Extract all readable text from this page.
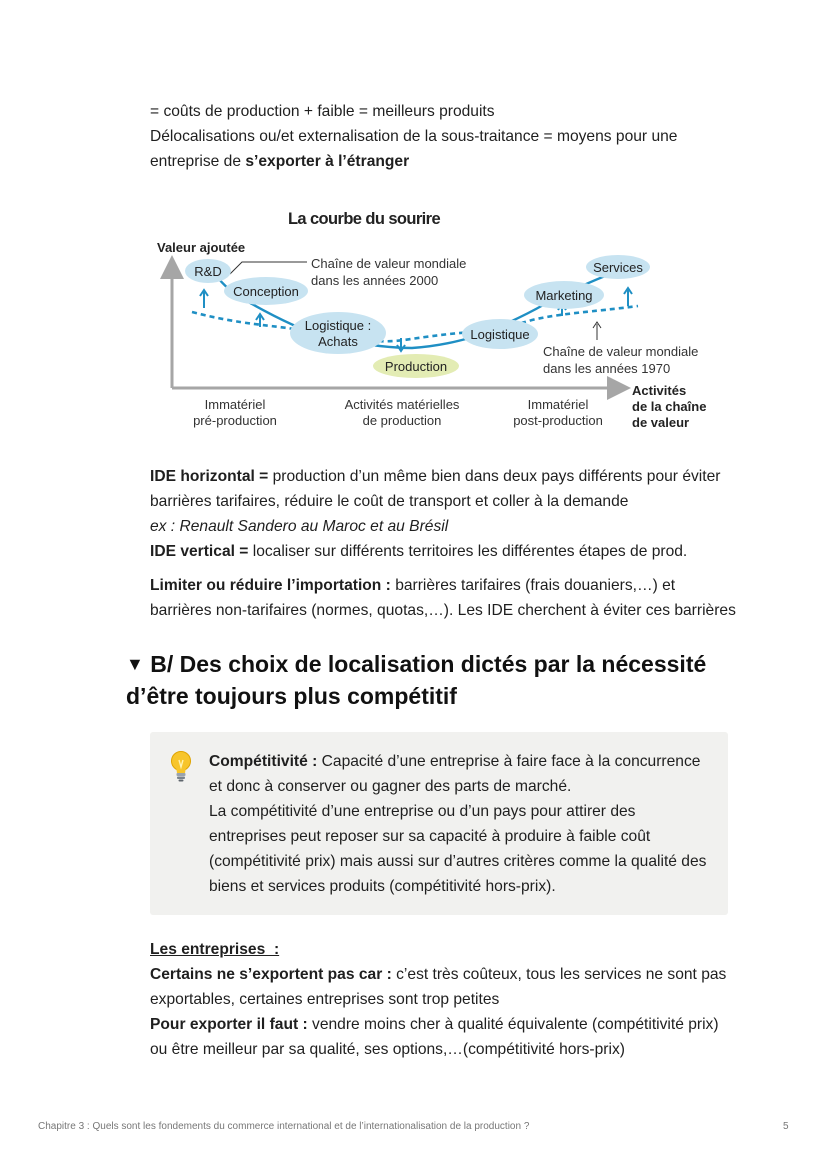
= coûts de production + faible = meilleurs produits

Délocalisations ou/et externalisation de la sous-traitance = moyens pour une entreprise de s’exporter à l’étranger

La courbe du sourire
Valeur ajoutée
R&D
Conception
Logistique :
Achats
Production
Logistique
Marketing
Services
Chaîne de valeur mondiale
dans les années 2000
Chaîne de valeur mondiale
dans les années 1970
Immatériel
pré-production
Activités matérielles
de production
Immatériel
post-production
Activités
de la chaîne
de valeur

IDE horizontal = production d’un même bien dans deux pays différents pour éviter barrières tarifaires, réduire le coût de transport et coller à la demande

ex : Renault Sandero au Maroc et au Brésil

IDE vertical = localiser sur différents territoires les différentes étapes de prod.

Limiter ou réduire l’importation : barrières tarifaires (frais douaniers,…) et barrières non-tarifaires (normes, quotas,…). Les IDE cherchent à éviter ces barrières

▼ B/ Des choix de localisation dictés par la nécessité d’être toujours plus compétitif

Compétitivité : Capacité d’une entreprise à faire face à la concurrence et donc à conserver ou gagner des parts de marché.
La compétitivité d’une entreprise ou d’un pays pour attirer des entreprises peut reposer sur sa capacité à produire à faible coût (compétitivité prix) mais aussi sur d’autres critères comme la qualité des biens et services produits (compétitivité hors-prix).

Les entreprises  :

Certains ne s’exportent pas car : c’est très coûteux, tous les services ne sont pas exportables, certaines entreprises sont trop petites

Pour exporter il faut : vendre moins cher à qualité équivalente (compétitivité prix) ou être meilleur par sa qualité, ses options,…(compétitivité hors-prix)

Chapitre 3 : Quels sont les fondements du commerce international et de l’internationalisation de la production ?	5
